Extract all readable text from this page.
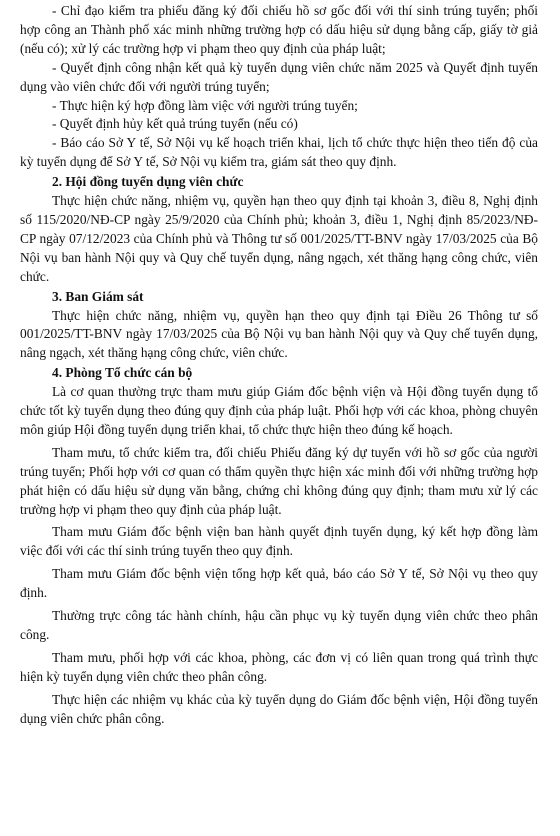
- Chỉ đạo kiểm tra phiếu đăng ký đối chiếu hồ sơ gốc đối với thí sinh trúng tuyển; phối hợp công an Thành phố xác minh những trường hợp có dấu hiệu sử dụng bằng cấp, giấy tờ giả (nếu có); xử lý các trường hợp vi phạm theo quy định của pháp luật;

- Quyết định công nhận kết quả kỳ tuyển dụng viên chức năm 2025 và Quyết định tuyển dụng vào viên chức đối với người trúng tuyển;

- Thực hiện ký hợp đồng làm việc với người trúng tuyển;

- Quyết định hủy kết quả trúng tuyển (nếu có)

- Báo cáo Sở Y tế, Sở Nội vụ kế hoạch triển khai, lịch tổ chức thực hiện theo tiến độ của kỳ tuyển dụng để Sở Y tế, Sở Nội vụ kiểm tra, giám sát theo quy định.

2. Hội đồng tuyển dụng viên chức

Thực hiện chức năng, nhiệm vụ, quyền hạn theo quy định tại khoản 3, điều 8, Nghị định số 115/2020/NĐ-CP ngày 25/9/2020 của Chính phủ; khoản 3, điều 1, Nghị định 85/2023/NĐ-CP ngày 07/12/2023 của Chính phủ và Thông tư số 001/2025/TT-BNV ngày 17/03/2025 của Bộ Nội vụ ban hành Nội quy và Quy chế tuyển dụng, nâng ngạch, xét thăng hạng công chức, viên chức.

3. Ban Giám sát

Thực hiện chức năng, nhiệm vụ, quyền hạn theo quy định tại Điều 26 Thông tư số 001/2025/TT-BNV ngày 17/03/2025 của Bộ Nội vụ ban hành Nội quy và Quy chế tuyển dụng, nâng ngạch, xét thăng hạng công chức, viên chức.

4. Phòng Tổ chức cán bộ

Là cơ quan thường trực tham mưu giúp Giám đốc bệnh viện và Hội đồng tuyển dụng tổ chức tốt kỳ tuyển dụng theo đúng quy định của pháp luật. Phối hợp với các khoa, phòng chuyên môn giúp Hội đồng tuyển dụng triển khai, tổ chức thực hiện theo đúng kế hoạch.

Tham mưu, tổ chức kiểm tra, đối chiếu Phiếu đăng ký dự tuyển với hồ sơ gốc của người trúng tuyển; Phối hợp với cơ quan có thẩm quyền thực hiện xác minh đối với những trường hợp phát hiện có dấu hiệu sử dụng văn bằng, chứng chỉ không đúng quy định; tham mưu xử lý các trường hợp vi phạm theo quy định của pháp luật.

Tham mưu Giám đốc bệnh viện ban hành quyết định tuyển dụng, ký kết hợp đồng làm việc đối với các thí sinh trúng tuyển theo quy định.

Tham mưu Giám đốc bệnh viện tổng hợp kết quả, báo cáo Sở Y tế, Sở Nội vụ theo quy định.

Thường trực công tác hành chính, hậu cần phục vụ kỳ tuyển dụng viên chức theo phân công.

Tham mưu, phối hợp với các khoa, phòng, các đơn vị có liên quan trong quá trình thực hiện kỳ tuyển dụng viên chức theo phân công.

Thực hiện các nhiệm vụ khác của kỳ tuyển dụng do Giám đốc bệnh viện, Hội đồng tuyển dụng viên chức phân công.
